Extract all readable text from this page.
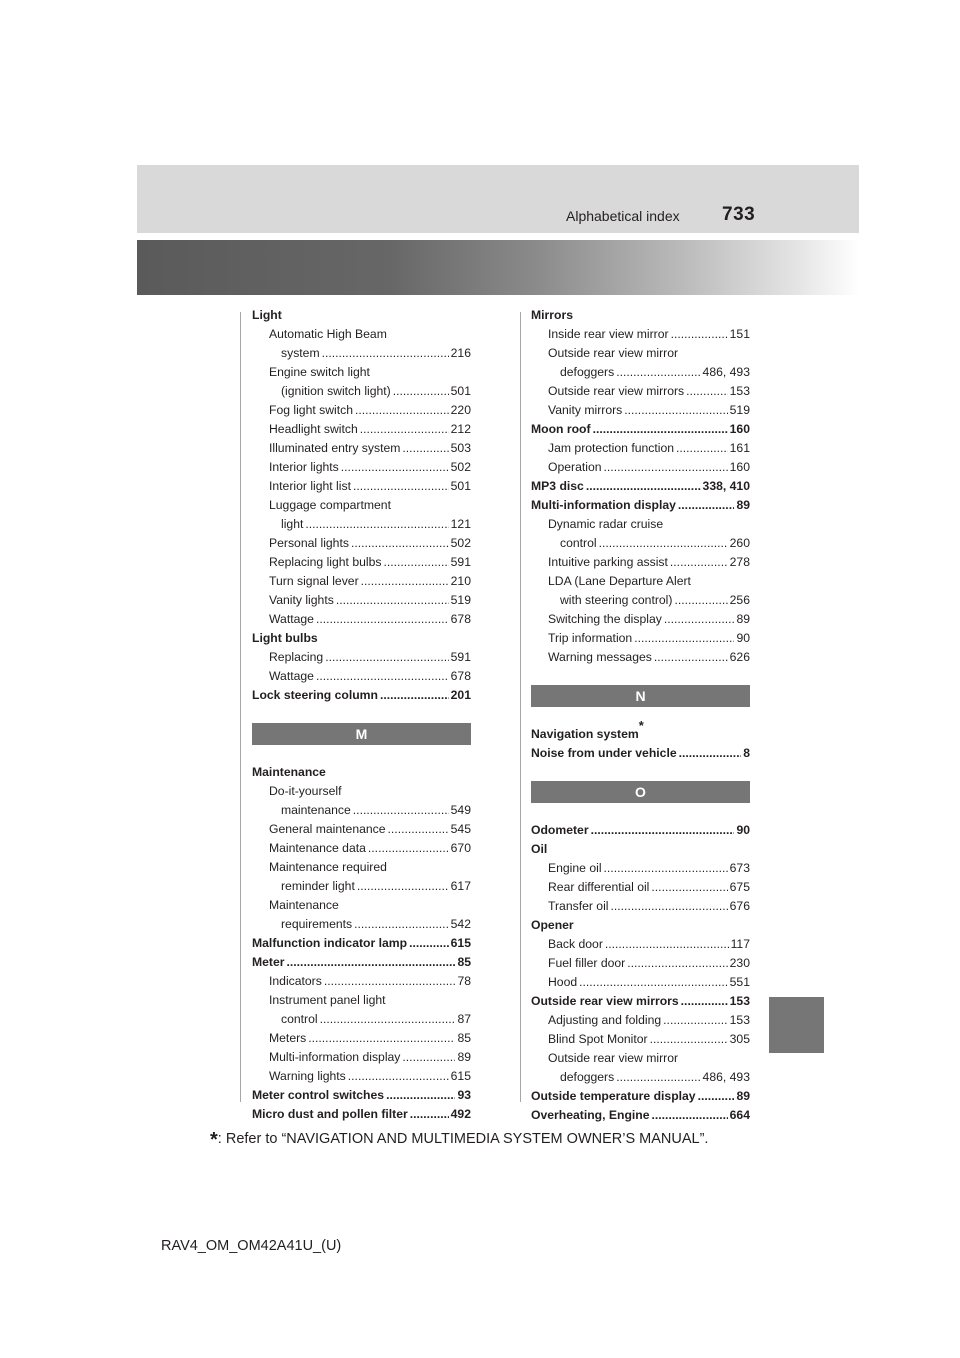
Alphabetical index 733
Light
Automatic High Beam
system .....	216
Engine switch light
(ignition switch light) .....	501
Fog light switch .....	220
Headlight switch .....	212
Illuminated entry system .....	503
Interior lights .....	502
Interior light list .....	501
Luggage compartment
light .....	121
Personal lights .....	502
Replacing light bulbs .....	591
Turn signal lever .....	210
Vanity lights .....	519
Wattage .....	678
Light bulbs
Replacing .....	591
Wattage .....	678
Lock steering column .....	201
M
Maintenance
Do-it-yourself
maintenance .....	549
General maintenance .....	545
Maintenance data .....	670
Maintenance required
reminder light .....	617
Maintenance
requirements .....	542
Malfunction indicator lamp .....	615
Meter .....	85
Indicators .....	78
Instrument panel light
control .....	87
Meters .....	85
Multi-information display .....	89
Warning lights .....	615
Meter control switches .....	93
Micro dust and pollen filter .....	492
Mirrors
Inside rear view mirror .....	151
Outside rear view mirror
defoggers .....	486, 493
Outside rear view mirrors .....	153
Vanity mirrors .....	519
Moon roof .....	160
Jam protection function .....	161
Operation .....	160
MP3 disc .....	338, 410
Multi-information display .....	89
Dynamic radar cruise
control .....	260
Intuitive parking assist .....	278
LDA (Lane Departure Alert
with steering control) .....	256
Switching the display .....	89
Trip information .....	90
Warning messages .....	626
N
Navigation system*
Noise from under vehicle .....	8
O
Odometer .....	90
Oil
Engine oil .....	673
Rear differential oil .....	675
Transfer oil .....	676
Opener
Back door .....	117
Fuel filler door .....	230
Hood .....	551
Outside rear view mirrors .....	153
Adjusting and folding .....	153
Blind Spot Monitor .....	305
Outside rear view mirror
defoggers .....	486, 493
Outside temperature display .....	89
Overheating, Engine .....	664
*: Refer to “NAVIGATION AND MULTIMEDIA SYSTEM OWNER’S MANUAL”.
RAV4_OM_OM42A41U_(U)
